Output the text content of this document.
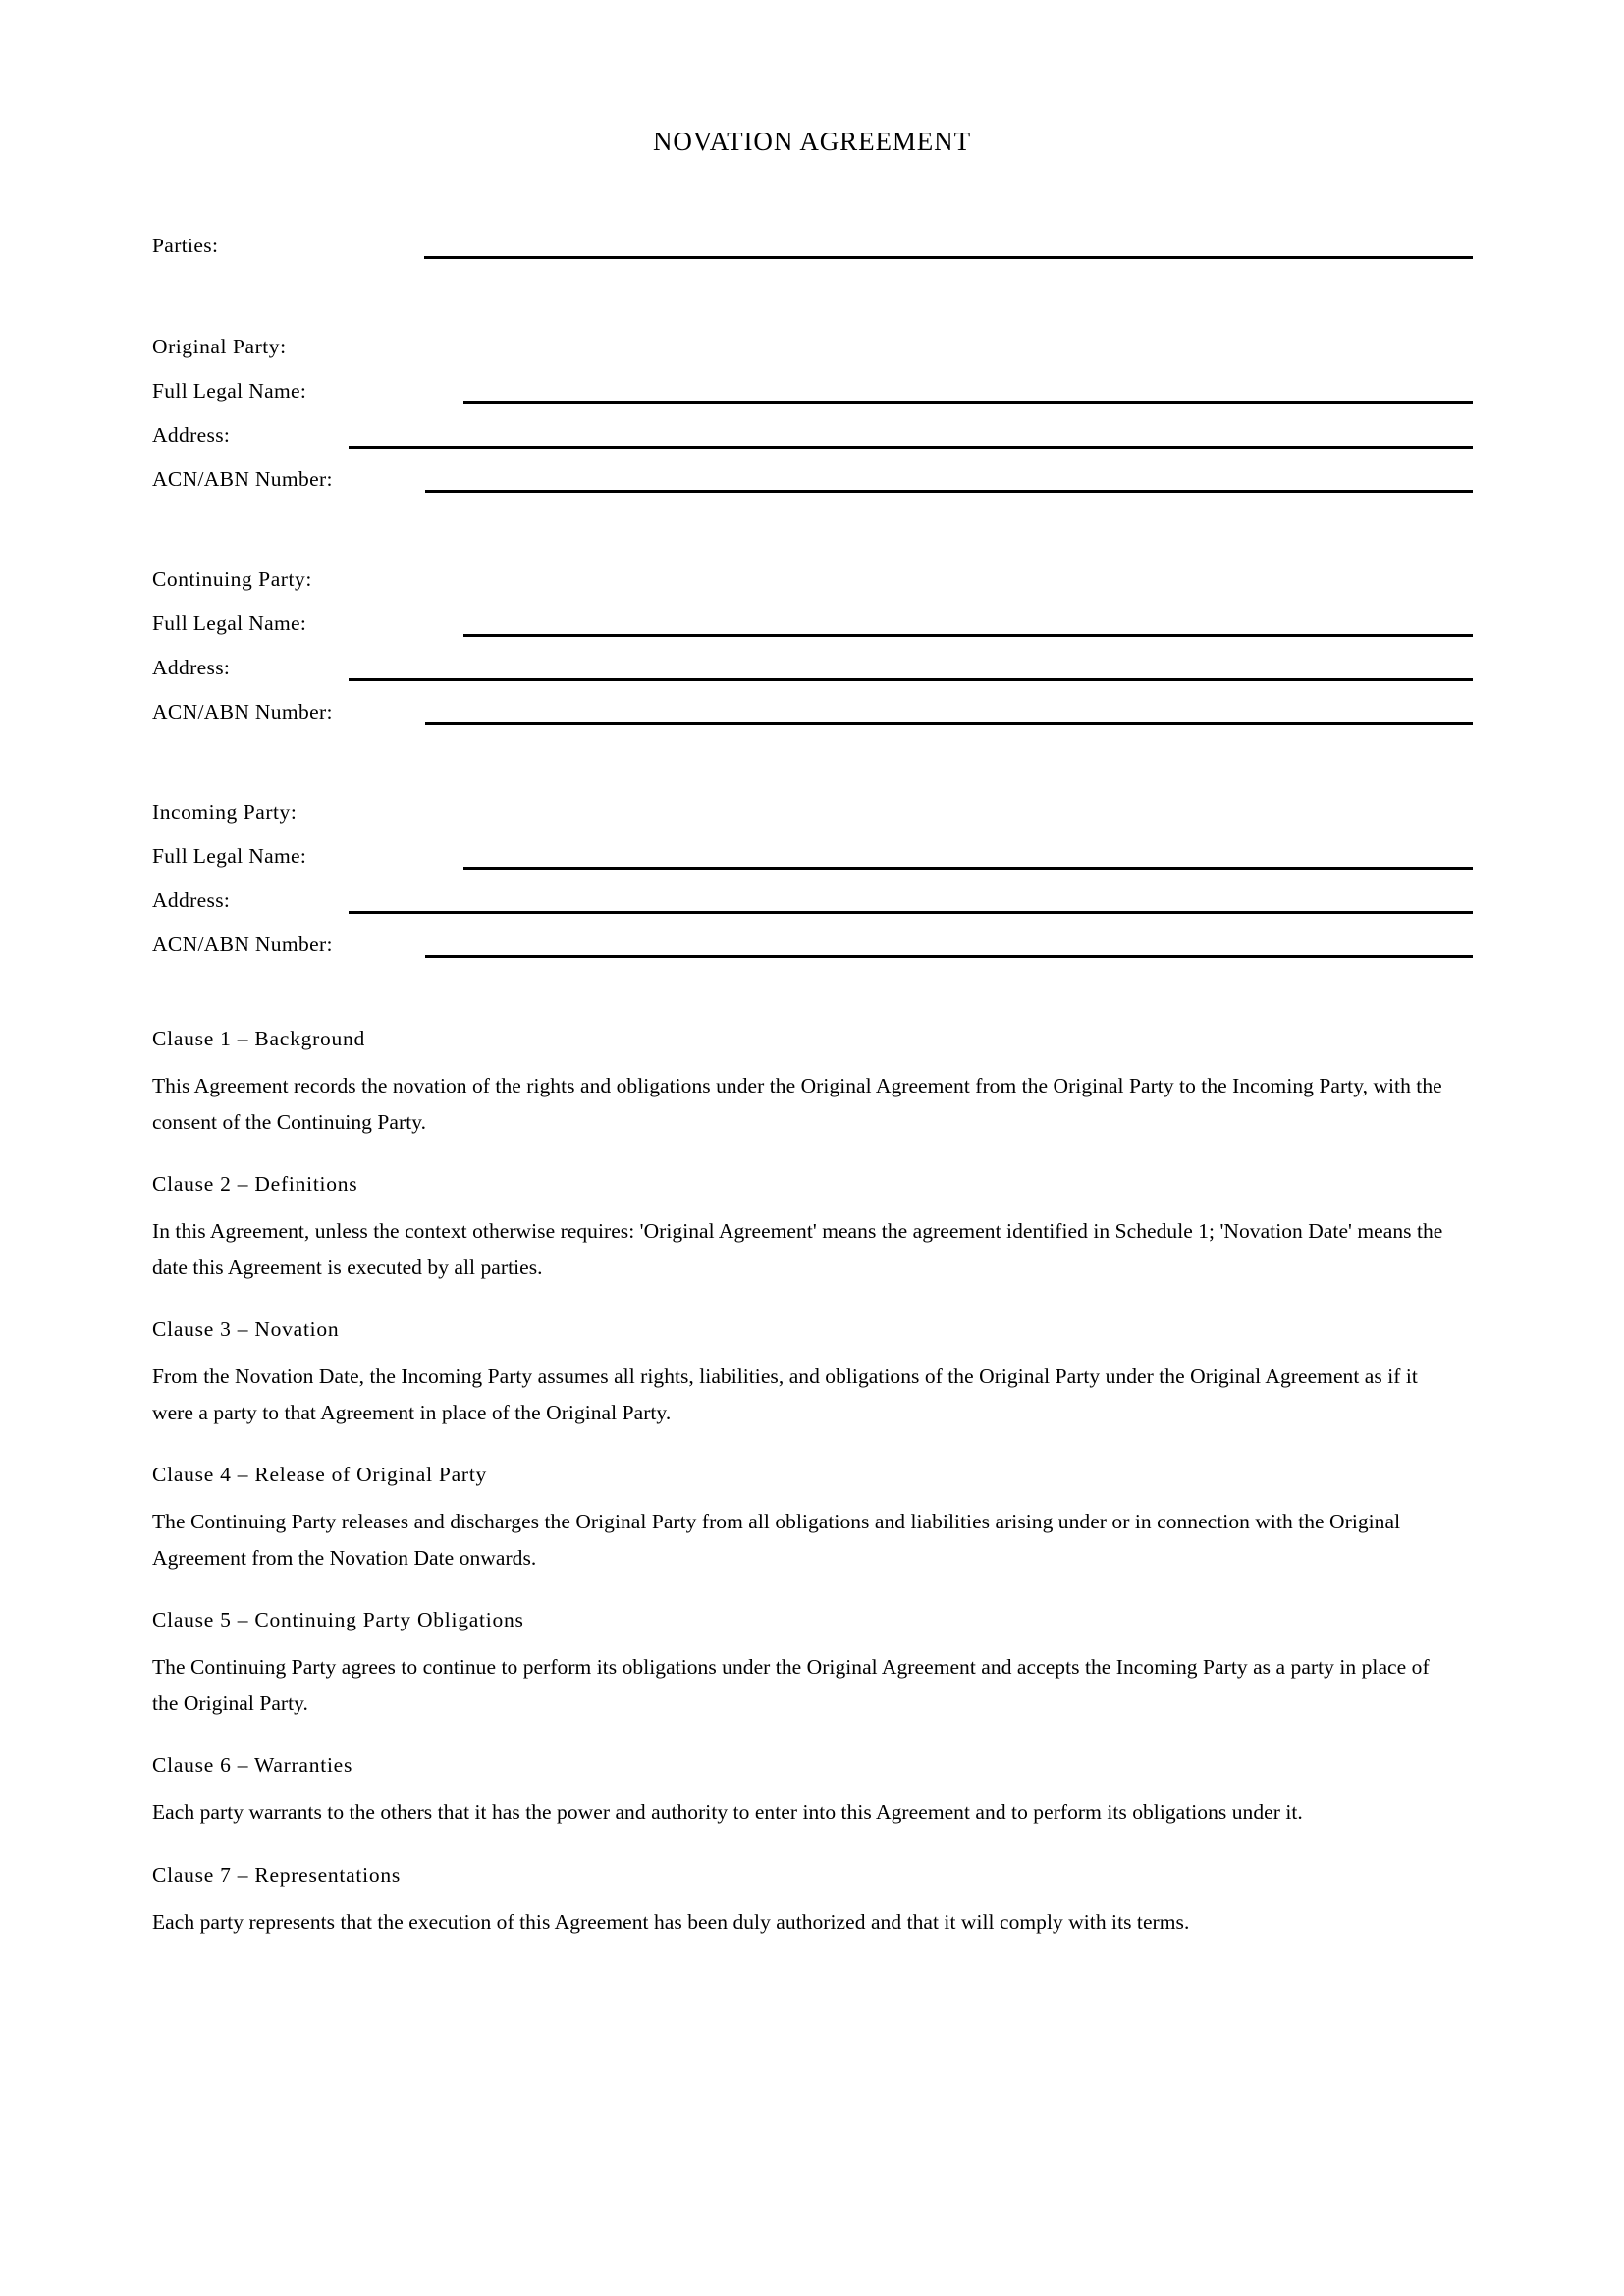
NOVATION AGREEMENT
Parties:
Original Party:
Full Legal Name:
Address:
ACN/ABN Number:
Continuing Party:
Full Legal Name:
Address:
ACN/ABN Number:
Incoming Party:
Full Legal Name:
Address:
ACN/ABN Number:
Clause 1 – Background
This Agreement records the novation of the rights and obligations under the Original Agreement from the Original Party to the Incoming Party, with the consent of the Continuing Party.
Clause 2 – Definitions
In this Agreement, unless the context otherwise requires: 'Original Agreement' means the agreement identified in Schedule 1; 'Novation Date' means the date this Agreement is executed by all parties.
Clause 3 – Novation
From the Novation Date, the Incoming Party assumes all rights, liabilities, and obligations of the Original Party under the Original Agreement as if it were a party to that Agreement in place of the Original Party.
Clause 4 – Release of Original Party
The Continuing Party releases and discharges the Original Party from all obligations and liabilities arising under or in connection with the Original Agreement from the Novation Date onwards.
Clause 5 – Continuing Party Obligations
The Continuing Party agrees to continue to perform its obligations under the Original Agreement and accepts the Incoming Party as a party in place of the Original Party.
Clause 6 – Warranties
Each party warrants to the others that it has the power and authority to enter into this Agreement and to perform its obligations under it.
Clause 7 – Representations
Each party represents that the execution of this Agreement has been duly authorized and that it will comply with its terms.
